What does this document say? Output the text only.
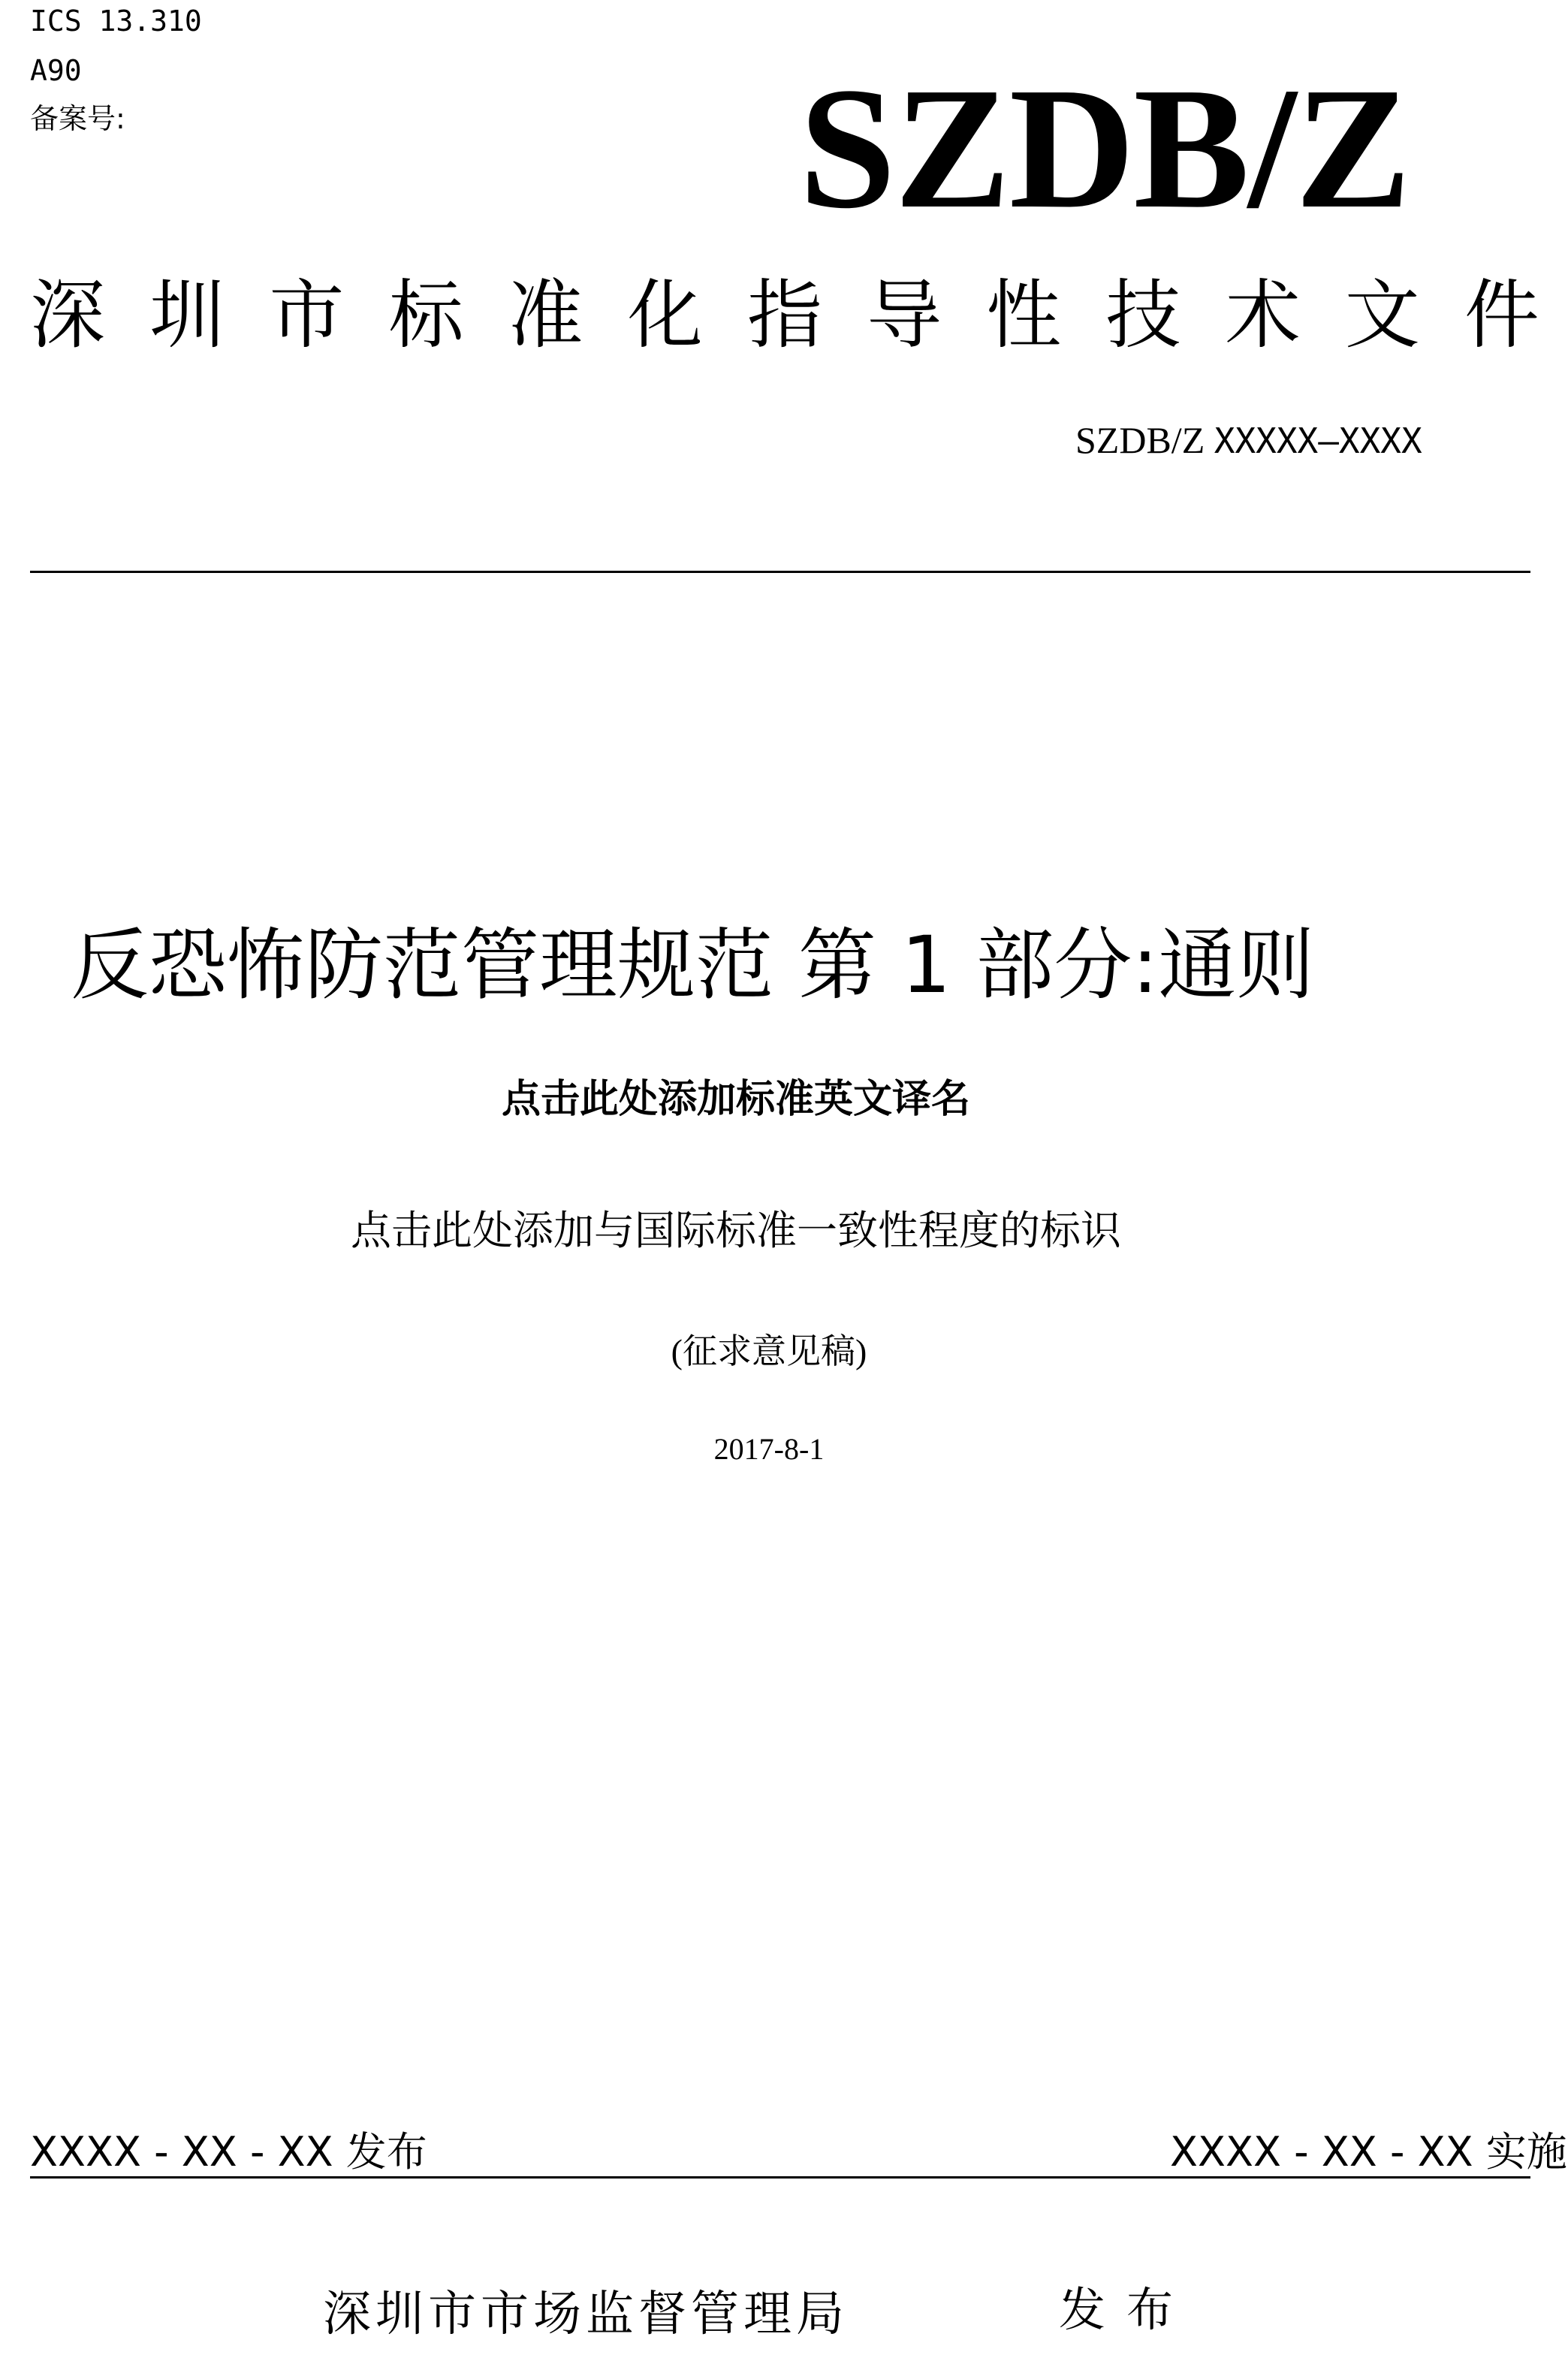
ICS 13.310
A90
备案号:	SZDB/Z
深 圳 市 标 准 化 指 导 性 技 术 文 件
SZDB/Z XXXXX—XXXX
反恐怖防范管理规范 第 1 部分:通则
点击此处添加标准英文译名
点击此处添加与国际标准一致性程度的标识
(征求意见稿)
2017-8-1
XXXX - XX - XX 发布	XXXX - XX - XX 实施
深圳市市场监督管理局	发布
